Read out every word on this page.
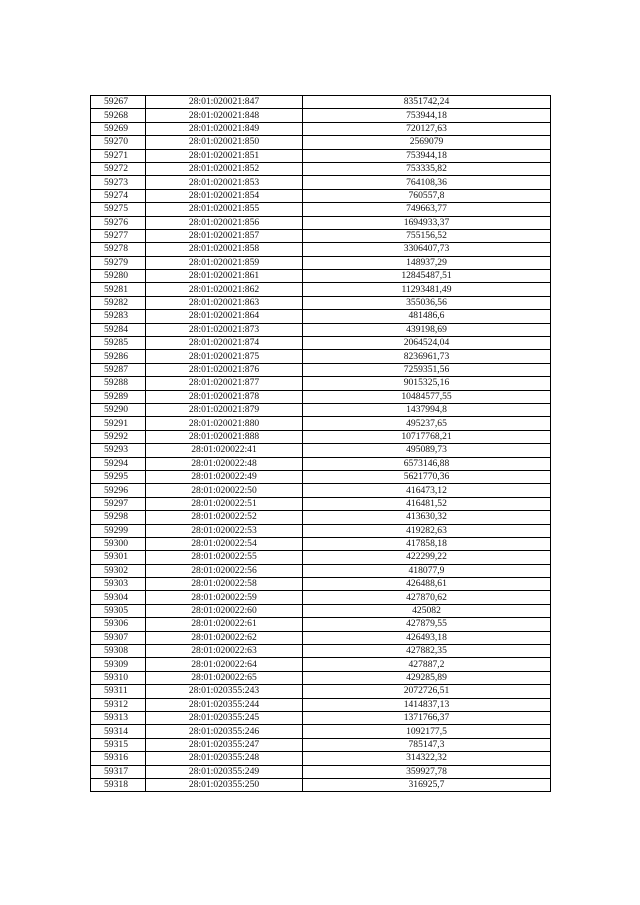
59267	28:01:020021:847	8351742,24
59268	28:01:020021:848	753944,18
59269	28:01:020021:849	720127,63
59270	28:01:020021:850	2569079
59271	28:01:020021:851	753944,18
59272	28:01:020021:852	753335,82
59273	28:01:020021:853	764108,36
59274	28:01:020021:854	760557,8
59275	28:01:020021:855	749663,77
59276	28:01:020021:856	1694933,37
59277	28:01:020021:857	755156,52
59278	28:01:020021:858	3306407,73
59279	28:01:020021:859	148937,29
59280	28:01:020021:861	12845487,51
59281	28:01:020021:862	11293481,49
59282	28:01:020021:863	355036,56
59283	28:01:020021:864	481486,6
59284	28:01:020021:873	439198,69
59285	28:01:020021:874	2064524,04
59286	28:01:020021:875	8236961,73
59287	28:01:020021:876	7259351,56
59288	28:01:020021:877	9015325,16
59289	28:01:020021:878	10484577,55
59290	28:01:020021:879	1437994,8
59291	28:01:020021:880	495237,65
59292	28:01:020021:888	10717768,21
59293	28:01:020022:41	495089,73
59294	28:01:020022:48	6573146,88
59295	28:01:020022:49	5621770,36
59296	28:01:020022:50	416473,12
59297	28:01:020022:51	416481,52
59298	28:01:020022:52	413630,32
59299	28:01:020022:53	419282,63
59300	28:01:020022:54	417858,18
59301	28:01:020022:55	422299,22
59302	28:01:020022:56	418077,9
59303	28:01:020022:58	426488,61
59304	28:01:020022:59	427870,62
59305	28:01:020022:60	425082
59306	28:01:020022:61	427879,55
59307	28:01:020022:62	426493,18
59308	28:01:020022:63	427882,35
59309	28:01:020022:64	427887,2
59310	28:01:020022:65	429285,89
59311	28:01:020355:243	2072726,51
59312	28:01:020355:244	1414837,13
59313	28:01:020355:245	1371766,37
59314	28:01:020355:246	1092177,5
59315	28:01:020355:247	785147,3
59316	28:01:020355:248	314322,32
59317	28:01:020355:249	359927,78
59318	28:01:020355:250	316925,7
